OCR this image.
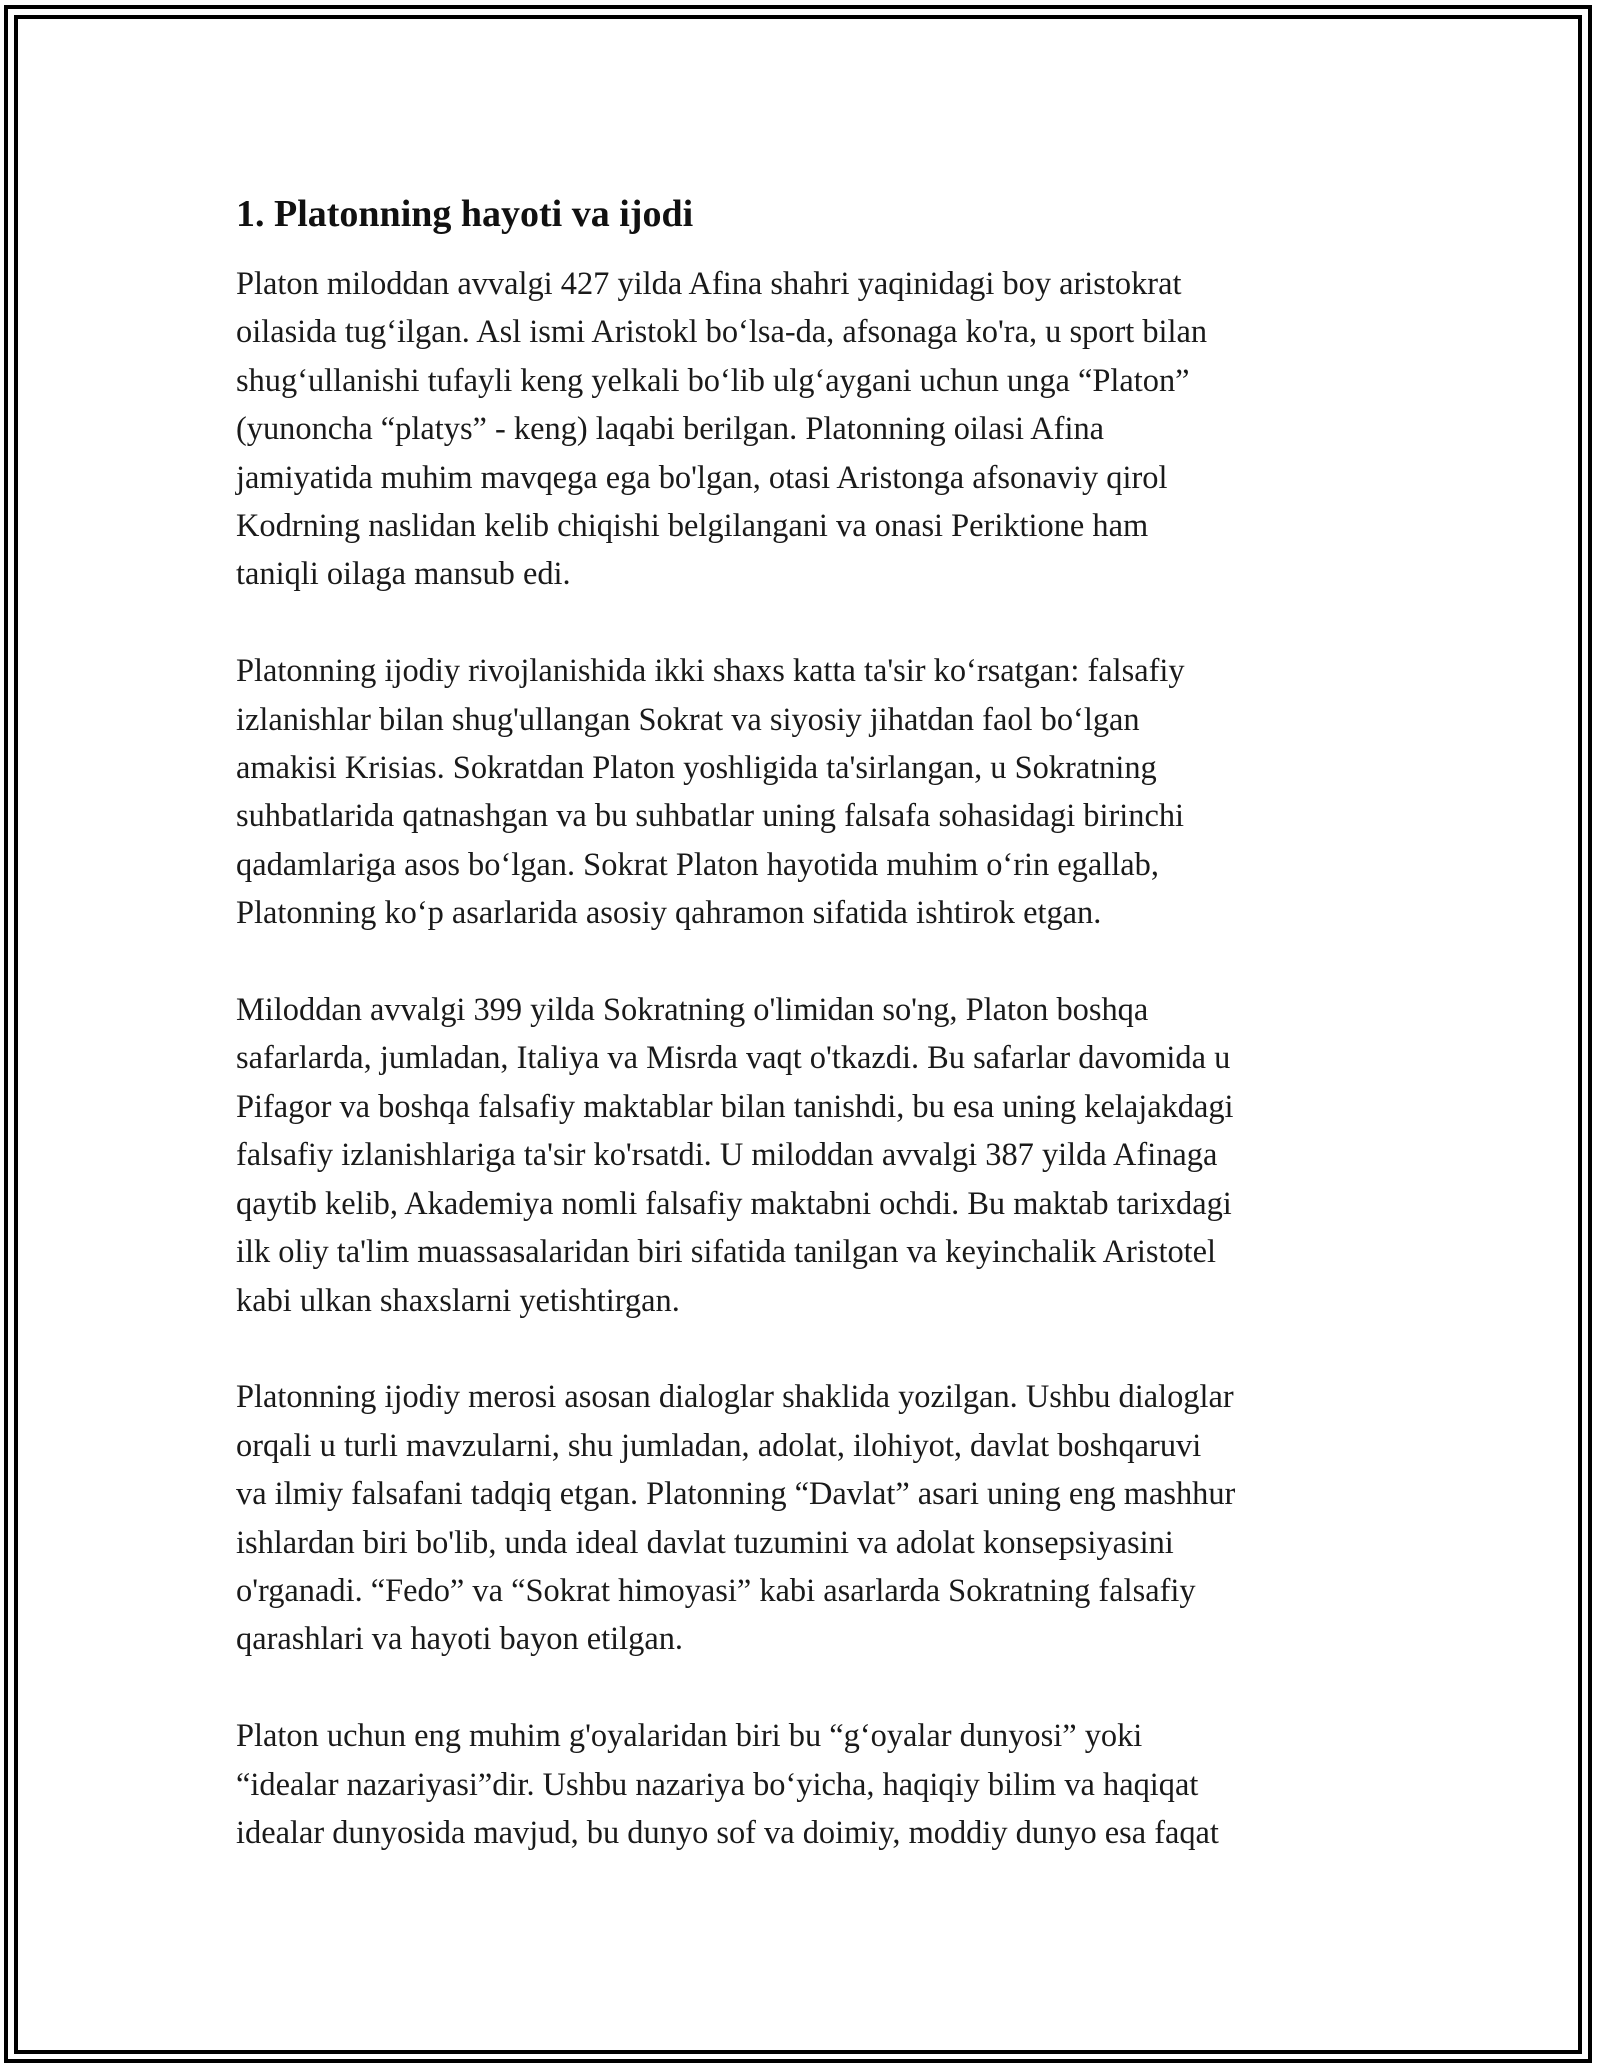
1. Platonning hayoti va ijodi

Platon miloddan avvalgi 427 yilda Afina shahri yaqinidagi boy aristokrat
oilasida tug‘ilgan. Asl ismi Aristokl bo‘lsa-da, afsonaga ko'ra, u sport bilan
shug‘ullanishi tufayli keng yelkali bo‘lib ulg‘aygani uchun unga “Platon”
(yunoncha “platys” - keng) laqabi berilgan. Platonning oilasi Afina
jamiyatida muhim mavqega ega bo'lgan, otasi Aristonga afsonaviy qirol
Kodrning naslidan kelib chiqishi belgilangani va onasi Periktione ham
taniqli oilaga mansub edi.

Platonning ijodiy rivojlanishida ikki shaxs katta ta'sir ko‘rsatgan: falsafiy
izlanishlar bilan shug'ullangan Sokrat va siyosiy jihatdan faol bo‘lgan
amakisi Krisias. Sokratdan Platon yoshligida ta'sirlangan, u Sokratning
suhbatlarida qatnashgan va bu suhbatlar uning falsafa sohasidagi birinchi
qadamlariga asos bo‘lgan. Sokrat Platon hayotida muhim o‘rin egallab,
Platonning ko‘p asarlarida asosiy qahramon sifatida ishtirok etgan.

Miloddan avvalgi 399 yilda Sokratning o'limidan so'ng, Platon boshqa
safarlarda, jumladan, Italiya va Misrda vaqt o'tkazdi. Bu safarlar davomida u
Pifagor va boshqa falsafiy maktablar bilan tanishdi, bu esa uning kelajakdagi
falsafiy izlanishlariga ta'sir ko'rsatdi. U miloddan avvalgi 387 yilda Afinaga
qaytib kelib, Akademiya nomli falsafiy maktabni ochdi. Bu maktab tarixdagi
ilk oliy ta'lim muassasalaridan biri sifatida tanilgan va keyinchalik Aristotel
kabi ulkan shaxslarni yetishtirgan.

Platonning ijodiy merosi asosan dialoglar shaklida yozilgan. Ushbu dialoglar
orqali u turli mavzularni, shu jumladan, adolat, ilohiyot, davlat boshqaruvi
va ilmiy falsafani tadqiq etgan. Platonning “Davlat” asari uning eng mashhur
ishlardan biri bo'lib, unda ideal davlat tuzumini va adolat konsepsiyasini
o'rganadi. “Fedo” va “Sokrat himoyasi” kabi asarlarda Sokratning falsafiy
qarashlari va hayoti bayon etilgan.

Platon uchun eng muhim g'oyalaridan biri bu “g‘oyalar dunyosi” yoki
“idealar nazariyasi”dir. Ushbu nazariya bo‘yicha, haqiqiy bilim va haqiqat
idealar dunyosida mavjud, bu dunyo sof va doimiy, moddiy dunyo esa faqat
